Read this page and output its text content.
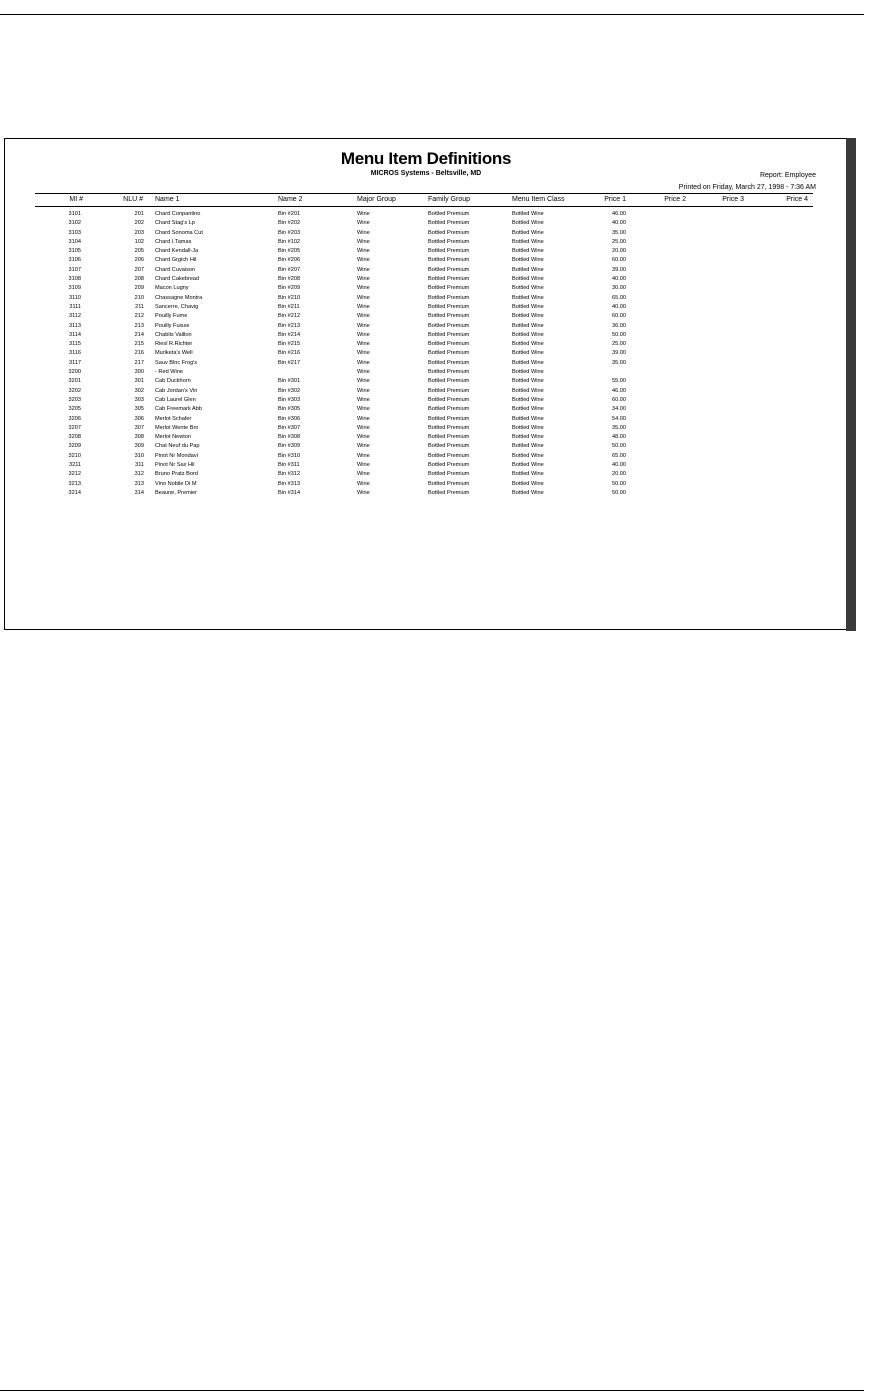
Menu Item Definitions
MICROS Systems - Beltsville, MD	Report: Employee
Printed on Friday, March 27, 1998 - 7:36 AM
MI #	NLU # Name 1	Name 2	Major Group	Family Group	Menu Item Class	Price 1	Price 2	Price 3	Price 4
3101	201 Chard Conpantino	Bin #201	Wine	Bottled Premium	Bottled Wine	46.00
3102	202 Chard Stag's Lp	Bin #202	Wine	Bottled Premium	Bottled Wine	40.00
3103	203 Chard Sonoma Cut	Bin #203	Wine	Bottled Premium	Bottled Wine	35.00
3104	102 Chard I.Tamas	Bin #102	Wine	Bottled Premium	Bottled Wine	25.00
3105	205 Chard Kendall-Ja	Bin #205	Wine	Bottled Premium	Bottled Wine	20.00
3106	206 Chard Grgich Hil	Bin #206	Wine	Bottled Premium	Bottled Wine	60.00
3107	207 Chard Cuvaison	Bin #207	Wine	Bottled Premium	Bottled Wine	39.00
3108	208 Chard Cakebread	Bin #208	Wine	Bottled Premium	Bottled Wine	40.00
3109	209 Macon Lugny	Bin #209	Wine	Bottled Premium	Bottled Wine	30.00
3110	210 Chassagne Montra	Bin #210	Wine	Bottled Premium	Bottled Wine	65.00
3111	211 Sancerre, Chavig	Bin #211	Wine	Bottled Premium	Bottled Wine	40.00
3112	212 Pouilly Fume	Bin #212	Wine	Bottled Premium	Bottled Wine	60.00
3113	213 Pouilly Fuisse	Bin #213	Wine	Bottled Premium	Bottled Wine	36.00
3114	214 Chablis Vaillon	Bin #214	Wine	Bottled Premium	Bottled Wine	50.00
3115	215 Riesl R.Richter	Bin #215	Wine	Bottled Premium	Bottled Wine	25.00
3116	216 Muriketa's Well	Bin #216	Wine	Bottled Premium	Bottled Wine	39.00
3117	217 Sauv Blnc Frog's	Bin #217	Wine	Bottled Premium	Bottled Wine	35.00
3200	300 - Red Wine	Wine	Bottled Premium	Bottled Wine
3201	301 Cab Duckhorn	Bin #301	Wine	Bottled Premium	Bottled Wine	55.00
3202	302 Cab Jordan's Vin	Bin #302	Wine	Bottled Premium	Bottled Wine	46.00
3203	303 Cab Laurel Glen	Bin #303	Wine	Bottled Premium	Bottled Wine	60.00
3205	305 Cab Freemark Abb	Bin #305	Wine	Bottled Premium	Bottled Wine	34.00
3206	306 Merlot Schafer	Bin #306	Wine	Bottled Premium	Bottled Wine	54.00
3207	307 Merlot Wente Bro	Bin #307	Wine	Bottled Premium	Bottled Wine	35.00
3208	308 Merlot Newton	Bin #308	Wine	Bottled Premium	Bottled Wine	48.00
3209	309 Chat Neuf du Pap	Bin #309	Wine	Bottled Premium	Bottled Wine	50.00
3210	310 Pinot Nr Mondavi	Bin #310	Wine	Bottled Premium	Bottled Wine	65.00
3211	311 Pinot Nr Sax Hil	Bin #311	Wine	Bottled Premium	Bottled Wine	40.00
3212	312 Bruno Pratz Bord	Bin #312	Wine	Bottled Premium	Bottled Wine	20.00
3213	313 Vino Nobile Di M	Bin #313	Wine	Bottled Premium	Bottled Wine	50.00
3214	314 Beaune, Premier	Bin #314	Wine	Bottled Premium	Bottled Wine	50.00
